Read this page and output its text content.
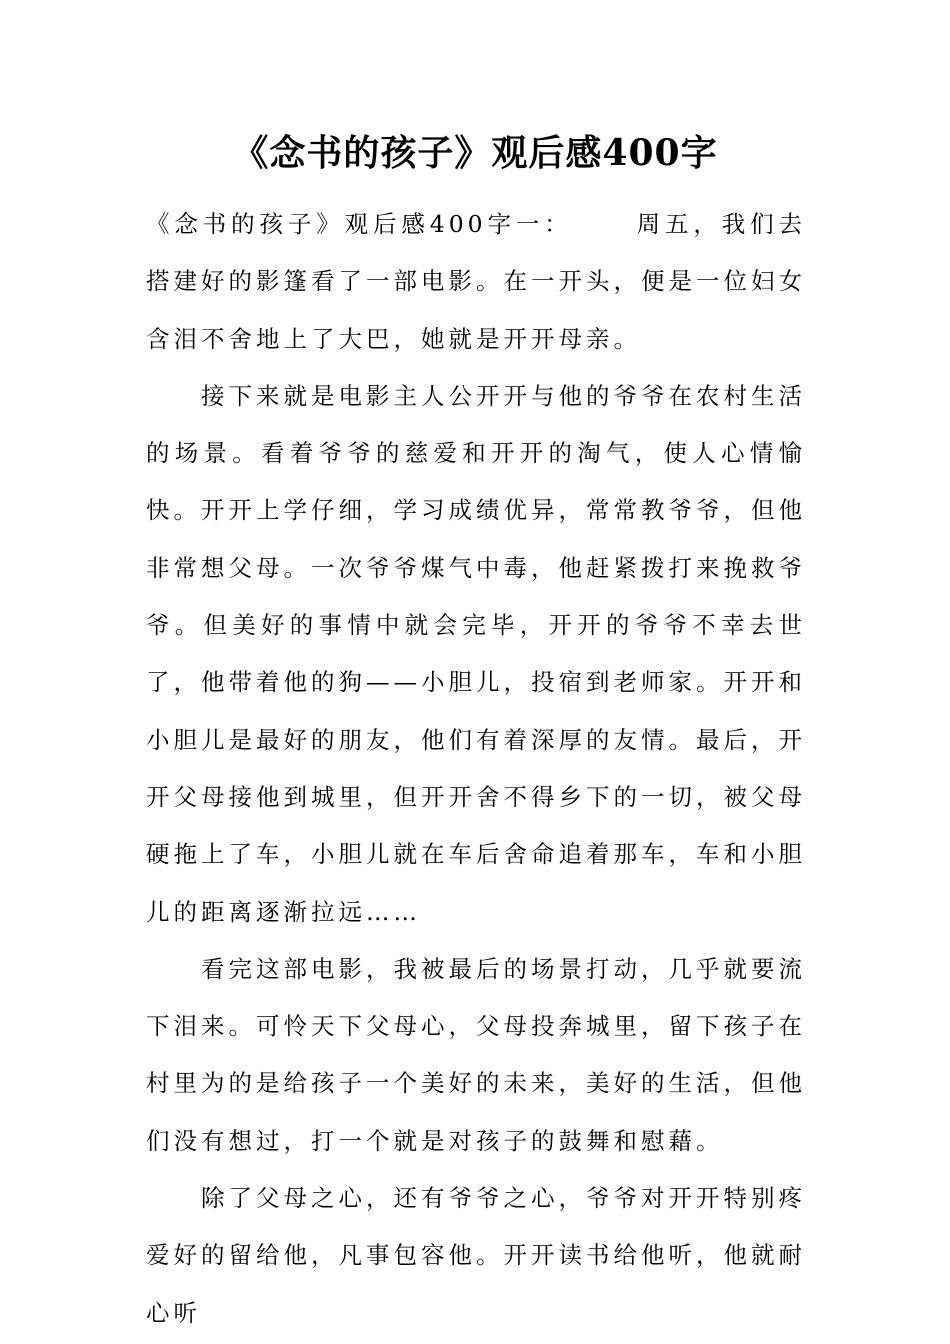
《念书的孩子》观后感400字

《念书的孩子》观后感400字一：	周五，我们去搭建好的影篷看了一部电影。在一开头，便是一位妇女含泪不舍地上了大巴，她就是开开母亲。

接下来就是电影主人公开开与他的爷爷在农村生活的场景。看着爷爷的慈爱和开开的淘气，使人心情愉快。开开上学仔细，学习成绩优异，常常教爷爷，但他非常想父母。一次爷爷煤气中毒，他赶紧拨打来挽救爷爷。但美好的事情中就会完毕，开开的爷爷不幸去世了，他带着他的狗——小胆儿，投宿到老师家。开开和小胆儿是最好的朋友，他们有着深厚的友情。最后，开开父母接他到城里，但开开舍不得乡下的一切，被父母硬拖上了车，小胆儿就在车后舍命追着那车，车和小胆儿的距离逐渐拉远……

看完这部电影，我被最后的场景打动，几乎就要流下泪来。可怜天下父母心，父母投奔城里，留下孩子在村里为的是给孩子一个美好的未来，美好的生活，但他们没有想过，打一个就是对孩子的鼓舞和慰藉。

除了父母之心，还有爷爷之心，爷爷对开开特别疼爱好的留给他，凡事包容他。开开读书给他听，他就耐心听
